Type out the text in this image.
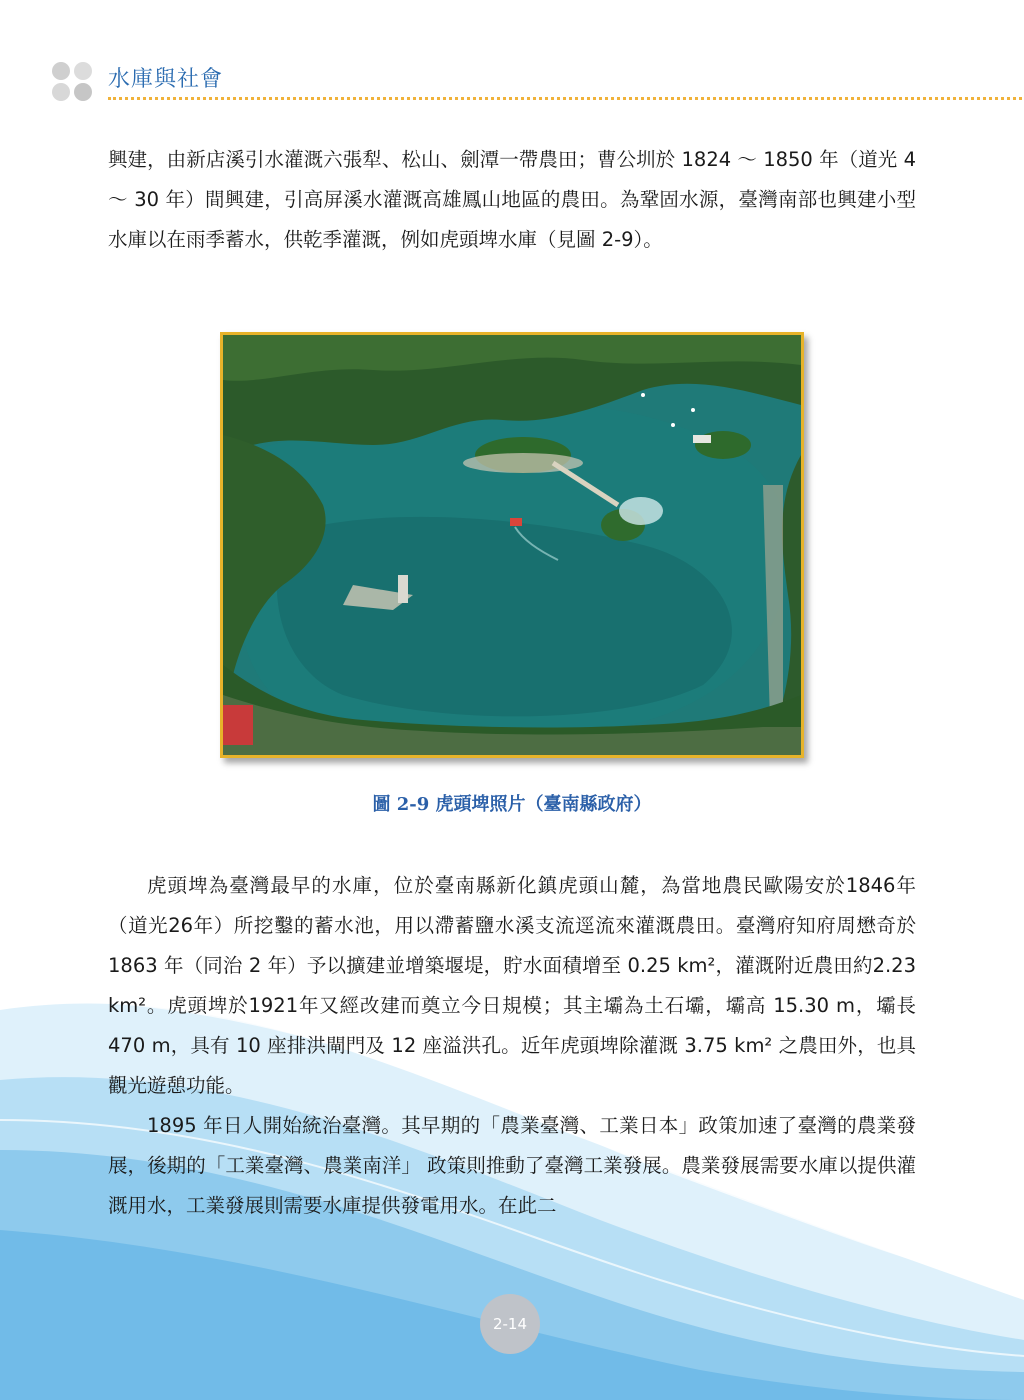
水庫與社會

興建，由新店溪引水灌溉六張犁、松山、劍潭一帶農田；曹公圳於 1824 ～ 1850 年（道光 4 ～ 30 年）間興建，引高屏溪水灌溉高雄鳳山地區的農田。為鞏固水源，臺灣南部也興建小型水庫以在雨季蓄水，供乾季灌溉，例如虎頭埤水庫（見圖 2-9）。

圖 2-9 虎頭埤照片（臺南縣政府）

虎頭埤為臺灣最早的水庫，位於臺南縣新化鎮虎頭山麓，為當地農民歐陽安於1846年（道光26年）所挖鑿的蓄水池，用以滯蓄鹽水溪支流逕流來灌溉農田。臺灣府知府周懋奇於 1863 年（同治 2 年）予以擴建並增築堰堤，貯水面積增至 0.25 km²，灌溉附近農田約2.23 km²。虎頭埤於1921年又經改建而奠立今日規模；其主壩為土石壩，壩高 15.30 m，壩長 470 m，具有 10 座排洪閘門及 12 座溢洪孔。近年虎頭埤除灌溉 3.75 km² 之農田外，也具觀光遊憩功能。

1895 年日人開始統治臺灣。其早期的「農業臺灣、工業日本」政策加速了臺灣的農業發展，後期的「工業臺灣、農業南洋」 政策則推動了臺灣工業發展。農業發展需要水庫以提供灌溉用水，工業發展則需要水庫提供發電用水。在此二

2-14
